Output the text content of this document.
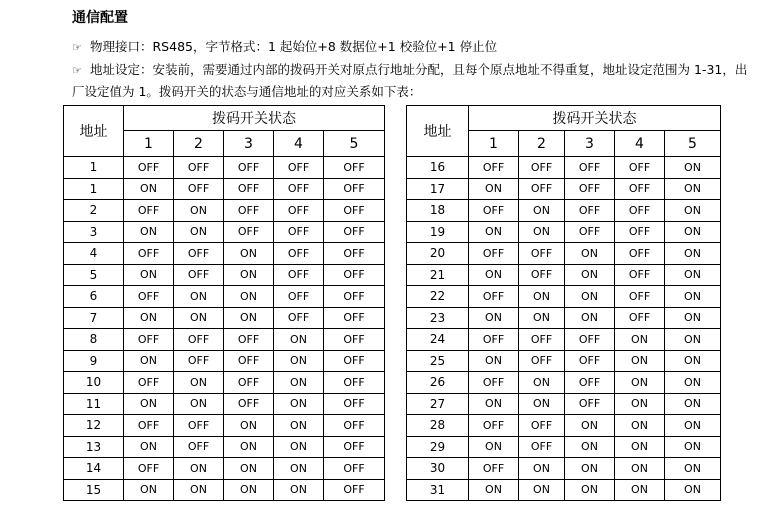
通信配置
☞ 物理接口：RS485，字节格式：1 起始位+8 数据位+1 校验位+1 停止位
☞ 地址设定：安装前，需要通过内部的拨码开关对原点行地址分配，且每个原点地址不得重复，地址设定范围为 1-31，出
厂设定值为 1。拨码开关的状态与通信地址的对应关系如下表：
地址	拨码开关状态				
	1	2	3	4	5
1	OFF	OFF	OFF	OFF	OFF
1	ON	OFF	OFF	OFF	OFF
2	OFF	ON	OFF	OFF	OFF
3	ON	ON	OFF	OFF	OFF
4	OFF	OFF	ON	OFF	OFF
5	ON	OFF	ON	OFF	OFF
6	OFF	ON	ON	OFF	OFF
7	ON	ON	ON	OFF	OFF
8	OFF	OFF	OFF	ON	OFF
9	ON	OFF	OFF	ON	OFF
10	OFF	ON	OFF	ON	OFF
11	ON	ON	OFF	ON	OFF
12	OFF	OFF	ON	ON	OFF
13	ON	OFF	ON	ON	OFF
14	OFF	ON	ON	ON	OFF
15	ON	ON	ON	ON	OFF
地址	拨码开关状态				
	1	2	3	4	5
16	OFF	OFF	OFF	OFF	ON
17	ON	OFF	OFF	OFF	ON
18	OFF	ON	OFF	OFF	ON
19	ON	ON	OFF	OFF	ON
20	OFF	OFF	ON	OFF	ON
21	ON	OFF	ON	OFF	ON
22	OFF	ON	ON	OFF	ON
23	ON	ON	ON	OFF	ON
24	OFF	OFF	OFF	ON	ON
25	ON	OFF	OFF	ON	ON
26	OFF	ON	OFF	ON	ON
27	ON	ON	OFF	ON	ON
28	OFF	OFF	ON	ON	ON
29	ON	OFF	ON	ON	ON
30	OFF	ON	ON	ON	ON
31	ON	ON	ON	ON	ON
